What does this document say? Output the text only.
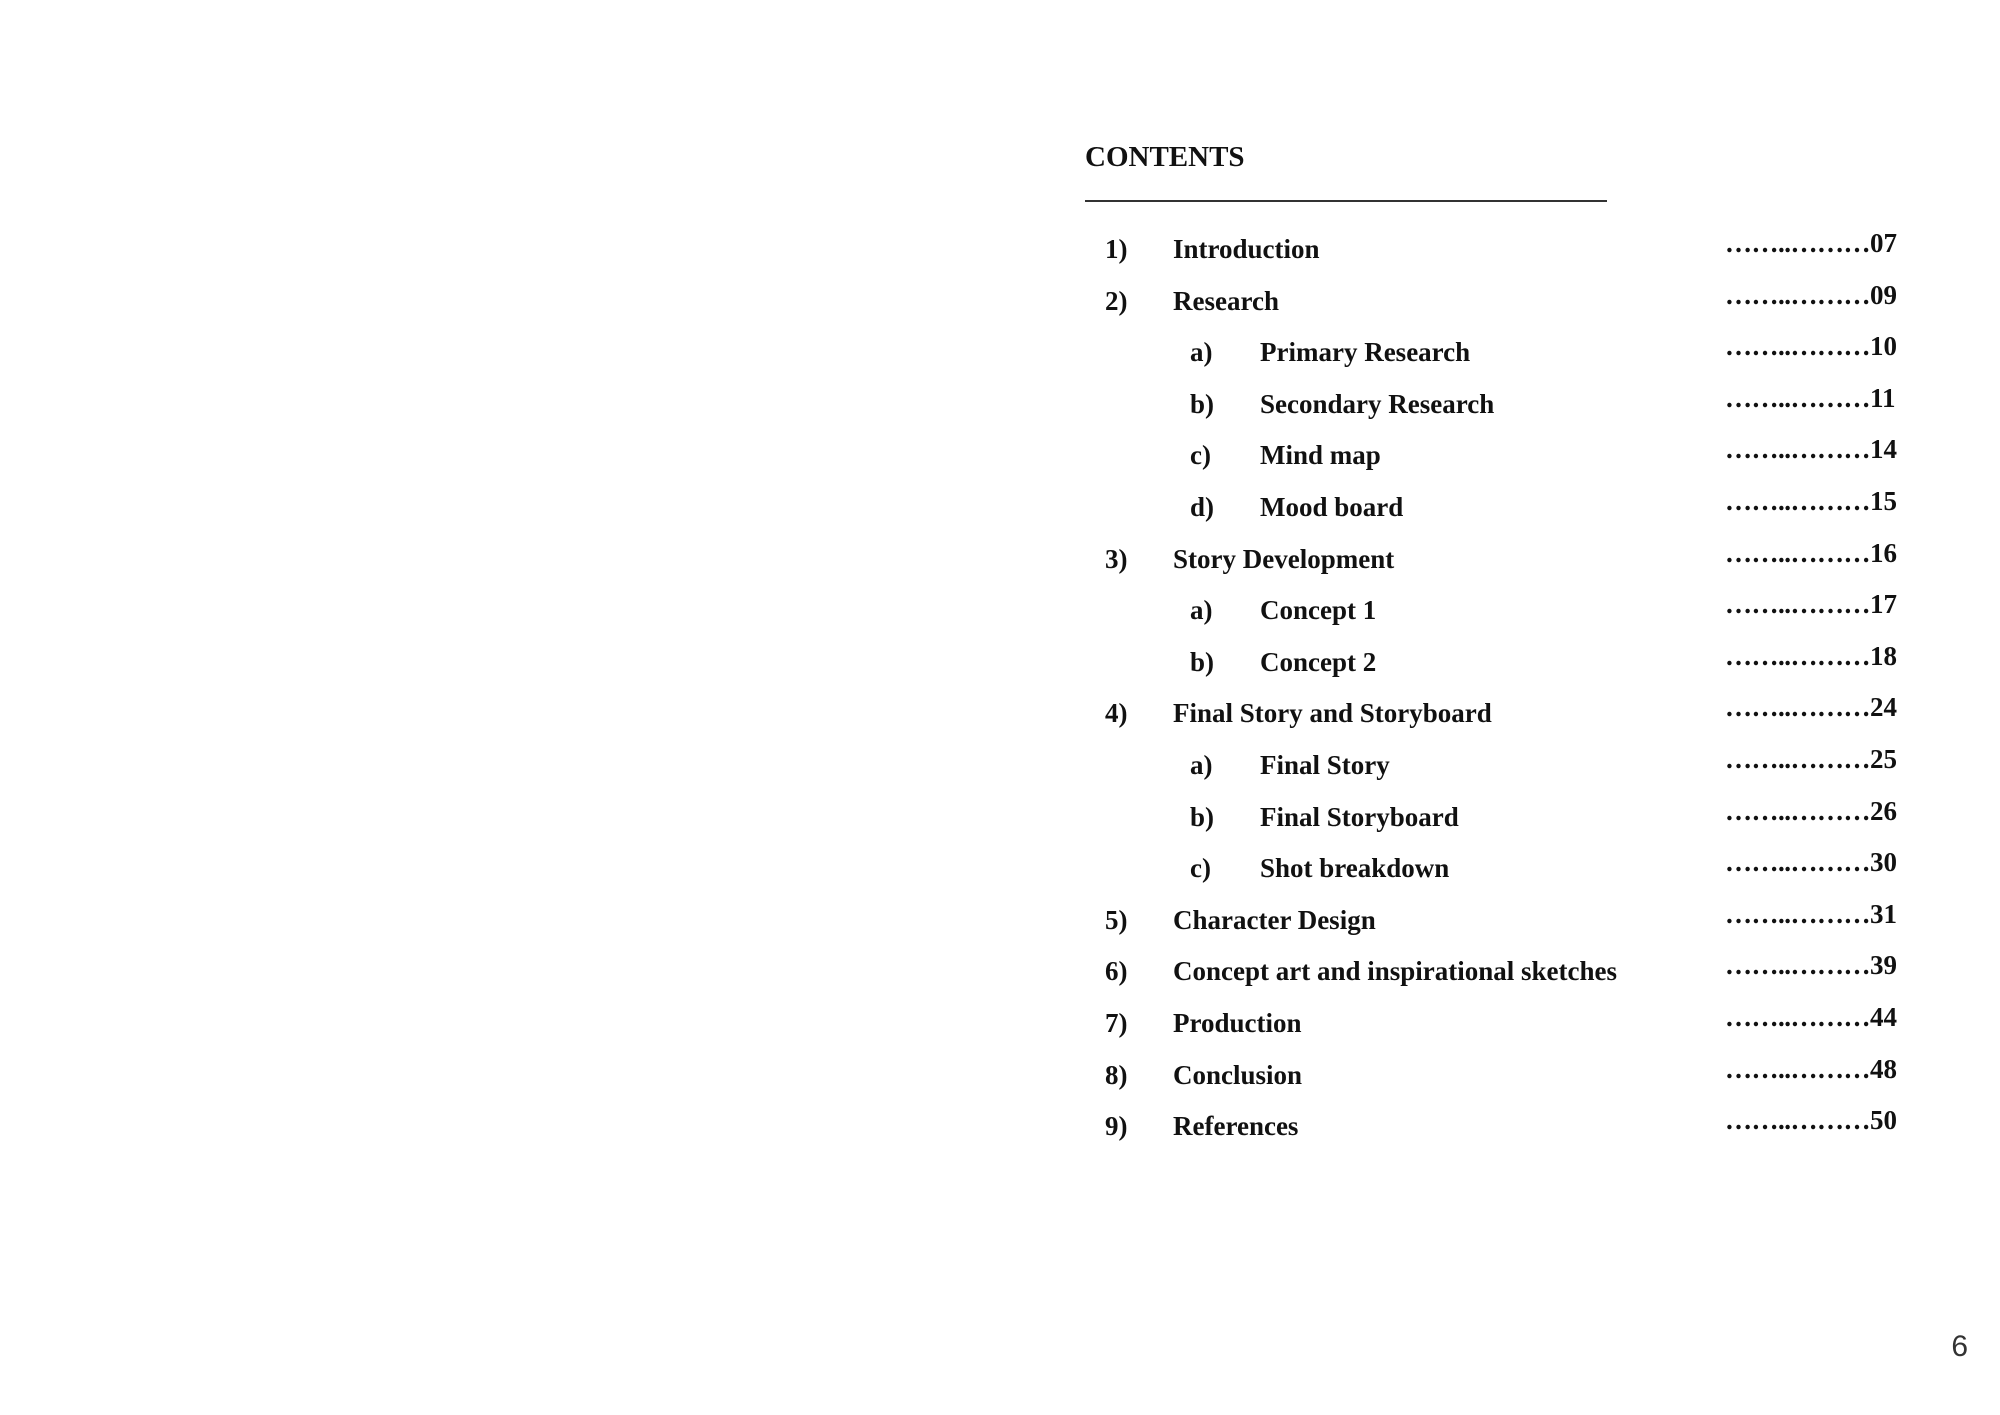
CONTENTS
1) Introduction	……..………07
2) Research	……..………09
a) Primary Research	……..………10
b) Secondary Research	……..………11
c) Mind map	……..………14
d) Mood board	……..………15
3) Story Development	……..………16
a) Concept 1	……..………17
b) Concept 2	……..………18
4) Final Story and Storyboard	……..………24
a) Final Story	……..………25
b) Final Storyboard	……..………26
c) Shot breakdown	……..………30
5) Character Design	……..………31
6) Concept art and inspirational sketches	……..………39
7) Production	……..………44
8) Conclusion	……..………48
9) References	……..………50
6
